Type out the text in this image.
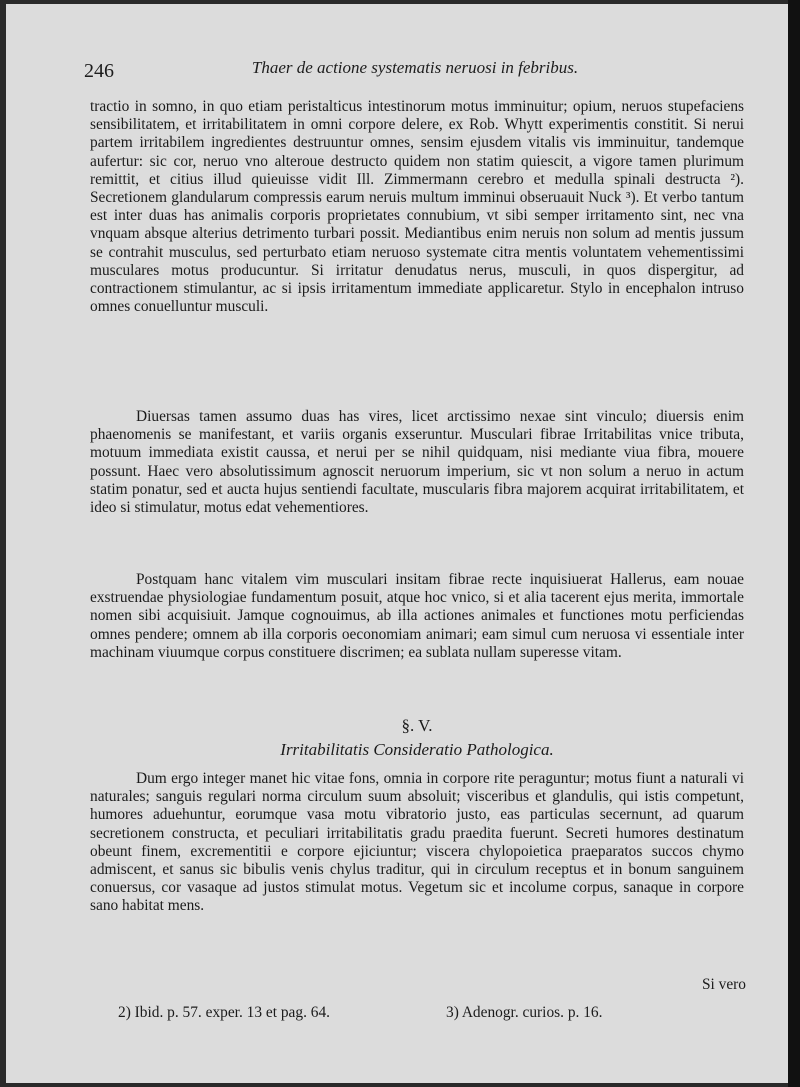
246	Thaer de actione systematis neruosi in febribus.

tractio in somno, in quo etiam peristalticus intestinorum motus imminuitur; opium, neruos stupefaciens sensibilitatem, et irritabilitatem in omni corpore delere, ex Rob. Whytt experimentis constitit. Si nerui partem irritabilem ingredientes destruuntur omnes, sensim ejusdem vitalis vis imminuitur, tandemque aufertur: sic cor, neruo vno alteroue destructo quidem non statim quiescit, a vigore tamen plurimum remittit, et citius illud quieuisse vidit Ill. Zimmermann cerebro et medulla spinali destructa ²). Secretionem glandularum compressis earum neruis multum imminui obseruauit Nuck ³). Et verbo tantum est inter duas has animalis corporis proprietates connubium, vt sibi semper irritamento sint, nec vna vnquam absque alterius detrimento turbari possit. Mediantibus enim neruis non solum ad mentis jussum se contrahit musculus, sed perturbato etiam neruoso systemate citra mentis voluntatem vehementissimi musculares motus producuntur. Si irritatur denudatus nerus, musculi, in quos dispergitur, ad contractionem stimulantur, ac si ipsis irritamentum immediate applicaretur. Stylo in encephalon intruso omnes conuelluntur musculi.

Diuersas tamen assumo duas has vires, licet arctissimo nexae sint vinculo; diuersis enim phaenomenis se manifestant, et variis organis exseruntur. Musculari fibrae Irritabilitas vnice tributa, motuum immediata existit caussa, et nerui per se nihil quidquam, nisi mediante viua fibra, mouere possunt. Haec vero absolutissimum agnoscit neruorum imperium, sic vt non solum a neruo in actum statim ponatur, sed et aucta hujus sentiendi facultate, muscularis fibra majorem acquirat irritabilitatem, et ideo si stimulatur, motus edat vehementiores.

Postquam hanc vitalem vim musculari insitam fibrae recte inquisiuerat Hallerus, eam nouae exstruendae physiologiae fundamentum posuit, atque hoc vnico, si et alia tacerent ejus merita, immortale nomen sibi acquisiuit. Jamque cognouimus, ab illa actiones animales et functiones motu perficiendas omnes pendere; omnem ab illa corporis oeconomiam animari; eam simul cum neruosa vi essentiale inter machinam viuumque corpus constituere discrimen; ea sublata nullam superesse vitam.

§. V.
Irritabilitatis Consideratio Pathologica.

Dum ergo integer manet hic vitae fons, omnia in corpore rite peraguntur; motus fiunt a naturali vi naturales; sanguis regulari norma circulum suum absoluit; visceribus et glandulis, qui istis competunt, humores aduehuntur, eorumque vasa motu vibratorio justo, eas particulas secernunt, ad quarum secretionem constructa, et peculiari irritabilitatis gradu praedita fuerunt. Secreti humores destinatum obeunt finem, excrementitii e corpore ejiciuntur; viscera chylopoietica praeparatos succos chymo admiscent, et sanus sic bibulis venis chylus traditur, qui in circulum receptus et in bonum sanguinem conuersus, cor vasaque ad justos stimulat motus. Vegetum sic et incolume corpus, sanaque in corpore sano habitat mens.

Si vero
2) Ibid. p. 57. exper. 13 et pag. 64.	3) Adenogr. curios. p. 16.
